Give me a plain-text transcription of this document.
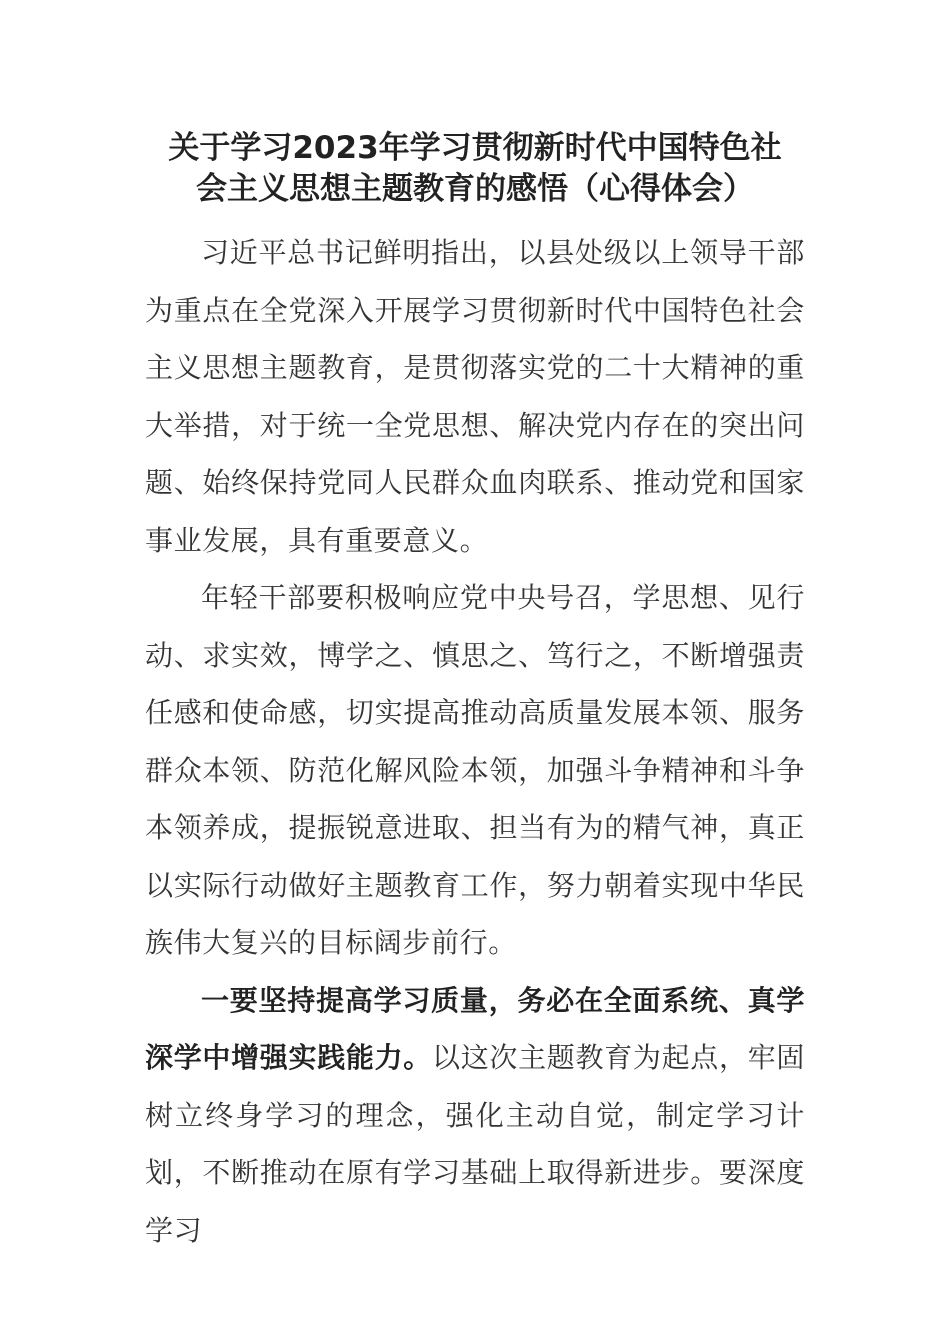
关于学习2023年学习贯彻新时代中国特色社
会主义思想主题教育的感悟（心得体会）

习近平总书记鲜明指出，以县处级以上领导干部为重点在全党深入开展学习贯彻新时代中国特色社会主义思想主题教育，是贯彻落实党的二十大精神的重大举措，对于统一全党思想、解决党内存在的突出问题、始终保持党同人民群众血肉联系、推动党和国家事业发展，具有重要意义。

年轻干部要积极响应党中央号召，学思想、见行动、求实效，博学之、慎思之、笃行之，不断增强责任感和使命感，切实提高推动高质量发展本领、服务群众本领、防范化解风险本领，加强斗争精神和斗争本领养成，提振锐意进取、担当有为的精气神，真正以实际行动做好主题教育工作，努力朝着实现中华民族伟大复兴的目标阔步前行。

一要坚持提高学习质量，务必在全面系统、真学深学中增强实践能力。以这次主题教育为起点，牢固树立终身学习的理念，强化主动自觉，制定学习计划，不断推动在原有学习基础上取得新进步。要深度学习
